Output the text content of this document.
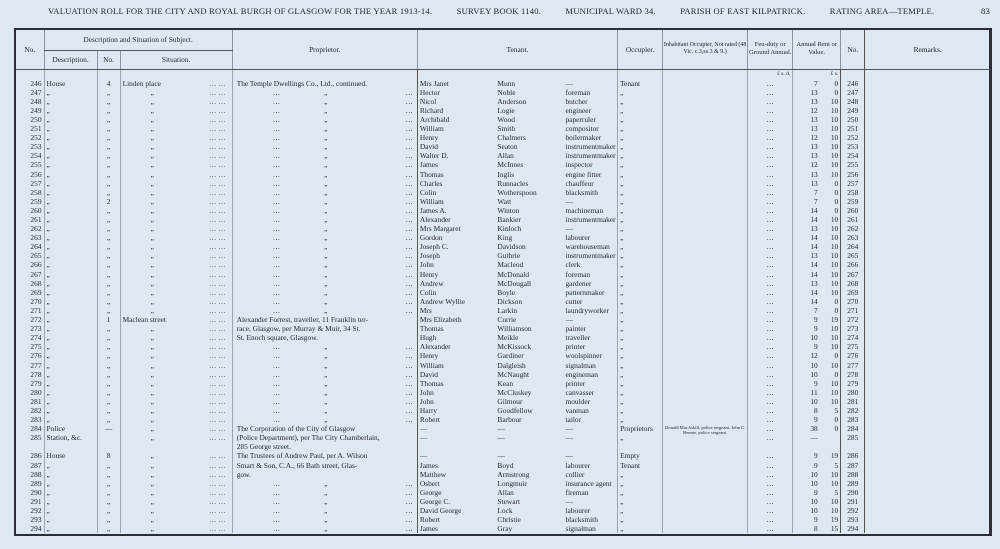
VALUATION ROLL FOR THE CITY AND ROYAL BURGH OF GLASGOW FOR THE YEAR 1913-14.	SURVEY BOOK 1140.	MUNICIPAL WARD 34.	PARISH OF EAST KILPATRICK.	RATING AREA—TEMPLE.	83
No.	Description and Situation of Subject.			Proprietor.	Tenant.			Occupier.	Inhabitant Occupier, Not rated (48 Vic. c.3,ss.3 & 9.)	Feu-duty or Ground Annual.	Annual Rent or Value.		No.	Remarks.
	Description.	No.	Situation.											
										£ s. d.	£ s.			
246	House	4	Linden place … …	The Temple Dwellings Co., Ltd., continued.	Mrs Janet	Munn	—	Tenant		…	7	0	246	
247	„	„	„ … …	… „ …	Hector	Noble	foreman	„		…	13	0	247	
248	„	„	„ … …	… „ …	Nicol	Anderson	butcher	„		…	13	10	248	
249	„	„	„ … …	… „ …	Richard	Logie	engineer	„		…	12	10	249	
250	„	„	„ … …	… „ …	Archibald	Wood	paperruler	„		…	13	10	250	
251	„	„	„ … …	… „ …	William	Smith	compositor	„		…	13	10	251	
252	„	„	„ … …	… „ …	Henry	Chalmers	boilermaker	„		…	12	10	252	
253	„	„	„ … …	… „ …	David	Seaton	instrumentmaker	„		…	13	10	253	
254	„	„	„ … …	… „ …	Walter D.	Allan	instrumentmaker	„		…	13	10	254	
255	„	„	„ … …	… „ …	James	McInnes	inspector	„		…	12	10	255	
256	„	„	„ … …	… „ …	Thomas	Inglis	engine fitter	„		…	13	10	256	
257	„	„	„ … …	… „ …	Charles	Runnacles	chauffeur	„		…	13	0	257	
258	„	„	„ … …	… „ …	Colin	Wotherspoon	blacksmith	„		…	7	0	258	
259	„	2	„ … …	… „ …	William	Watt	—	„		…	7	0	259	
260	„	„	„ … …	… „ …	James A.	Winton	machineman	„		…	14	0	260	
261	„	„	„ … …	… „ …	Alexander	Bankier	instrumentmaker	„		…	14	10	261	
262	„	„	„ … …	… „ …	Mrs Margaret	Kinloch	—	„		…	13	10	262	
263	„	„	„ … …	… „ …	Gordon	King	labourer	„		…	14	10	263	
264	„	„	„ … …	… „ …	Joseph C.	Davidson	warehouseman	„		…	14	10	264	
265	„	„	„ … …	… „ …	Joseph	Guthrie	instrumentmaker	„		…	13	10	265	
266	„	„	„ … …	… „ …	John	Macleod	clerk	„		…	14	10	266	
267	„	„	„ … …	… „ …	Henry	McDonald	foreman	„		…	14	10	267	
268	„	„	„ … …	… „ …	Andrew	McDougall	gardener	„		…	13	10	268	
269	„	„	„ … …	… „ …	Colin	Boyle	patternmaker	„		…	14	10	269	
270	„	„	„ … …	… „ …	Andrew Wyllie	Dickson	cutter	„		…	14	0	270	
271	„	„	„ … …	… „ …	Mrs	Larkin	laundryworker	„		…	7	0	271	
272	„	1	Maclean street … …	Alexander Forrest, traveller, 11 Franklin ter-	Mrs Elizabeth	Currie	—	„		…	9	19	272	
273	„	„	„ … …	race, Glasgow, per Murray & Muir, 34 St.	Thomas	Williamson	painter	„		…	9	10	273	
274	„	„	„ … …	St. Enoch square, Glasgow.	Hugh	Meikle	traveller	„		…	10	10	274	
275	„	„	„ … …	… „ …	Alexander	McKissock	printer	„		…	9	10	275	
276	„	„	„ … …	… „ …	Henry	Gardiner	woolspinner	„		…	12	0	276	
277	„	„	„ … …	… „ …	William	Dalgleish	signalman	„		…	10	10	277	
278	„	„	„ … …	… „ …	David	McNaught	engineman	„		…	10	0	278	
279	„	„	„ … …	… „ …	Thomas	Kean	printer	„		…	9	10	279	
280	„	„	„ … …	… „ …	John	McCluskey	canvasser	„		…	11	10	280	
281	„	„	„ … …	… „ …	John	Gilmour	moulder	„		…	10	10	281	
282	„	„	„ … …	… „ …	Harry	Goodfellow	vanman	„		…	8	5	282	
283	„	„	„ … …	… „ …	Robert	Barbour	tailor	„		…	9	0	283	
284	Police	—	„ … …	The Corporation of the City of Glasgow	—	—	—	Proprietors	Donald MacAskill, police sergeant. John C. Rennie, police sergeant.	…	38	0	284	
285	Station, &c.		„ … …	(Police Department), per The City Chamberlain,	—	—	—	„		…	—		285	
				285 George street.										
286	House	8	„ … …	The Trustees of Andrew Paul, per A. Wilson	—	—	—	Empty		…	9	19	286	
287	„	„	„ … …	Smart & Son, C.A., 66 Bath street, Glas-	James	Boyd	labourer	Tenant		…	9	5	287	
288	„	„	„ … …	gow.	Matthew	Armstrong	collier	„		…	10	10	288	
289	„	„	„ … …	… „ …	Osbert	Longmuir	insurance agent	„		…	10	10	289	
290	„	„	„ … …	… „ …	George	Allan	fireman	„		…	9	5	290	
291	„	„	„ … …	… „ …	George C.	Stewart	—	„		…	10	10	291	
292	„	„	„ … …	… „ …	David George	Lock	labourer	„		…	10	10	292	
293	„	„	„ … …	… „ …	Robert	Christie	blacksmith	„		…	9	19	293	
294	„	„	„ … …	… „ …	James	Gray	signalman	„		…	8	15	294	
